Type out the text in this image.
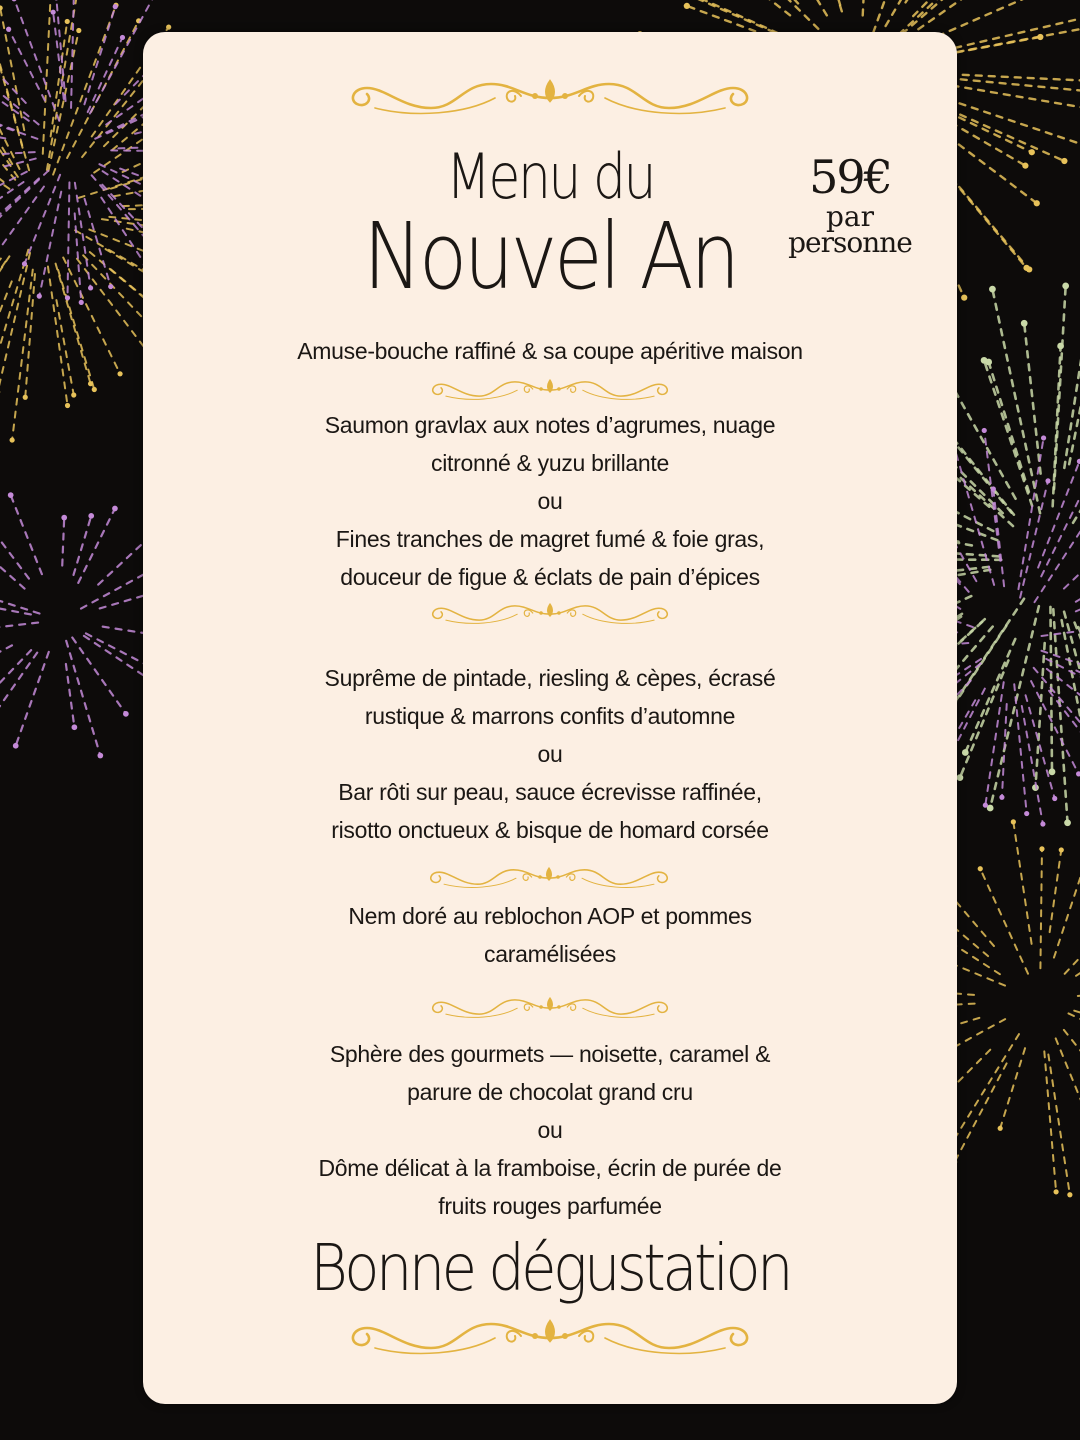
Menu du
Nouvel An
59€
par
personne
Amuse-bouche raffiné & sa coupe apéritive maison
Saumon gravlax aux notes d’agrumes, nuage
citronné & yuzu brillante
ou
Fines tranches de magret fumé & foie gras,
douceur de figue & éclats de pain d’épices
Suprême de pintade, riesling & cèpes, écrasé
rustique & marrons confits d’automne
ou
Bar rôti sur peau, sauce écrevisse raffinée,
risotto onctueux & bisque de homard corsée
Nem doré au reblochon AOP et pommes
caramélisées
Sphère des gourmets — noisette, caramel &
parure de chocolat grand cru
ou
Dôme délicat à la framboise, écrin de purée de
fruits rouges parfumée
Bonne dégustation
